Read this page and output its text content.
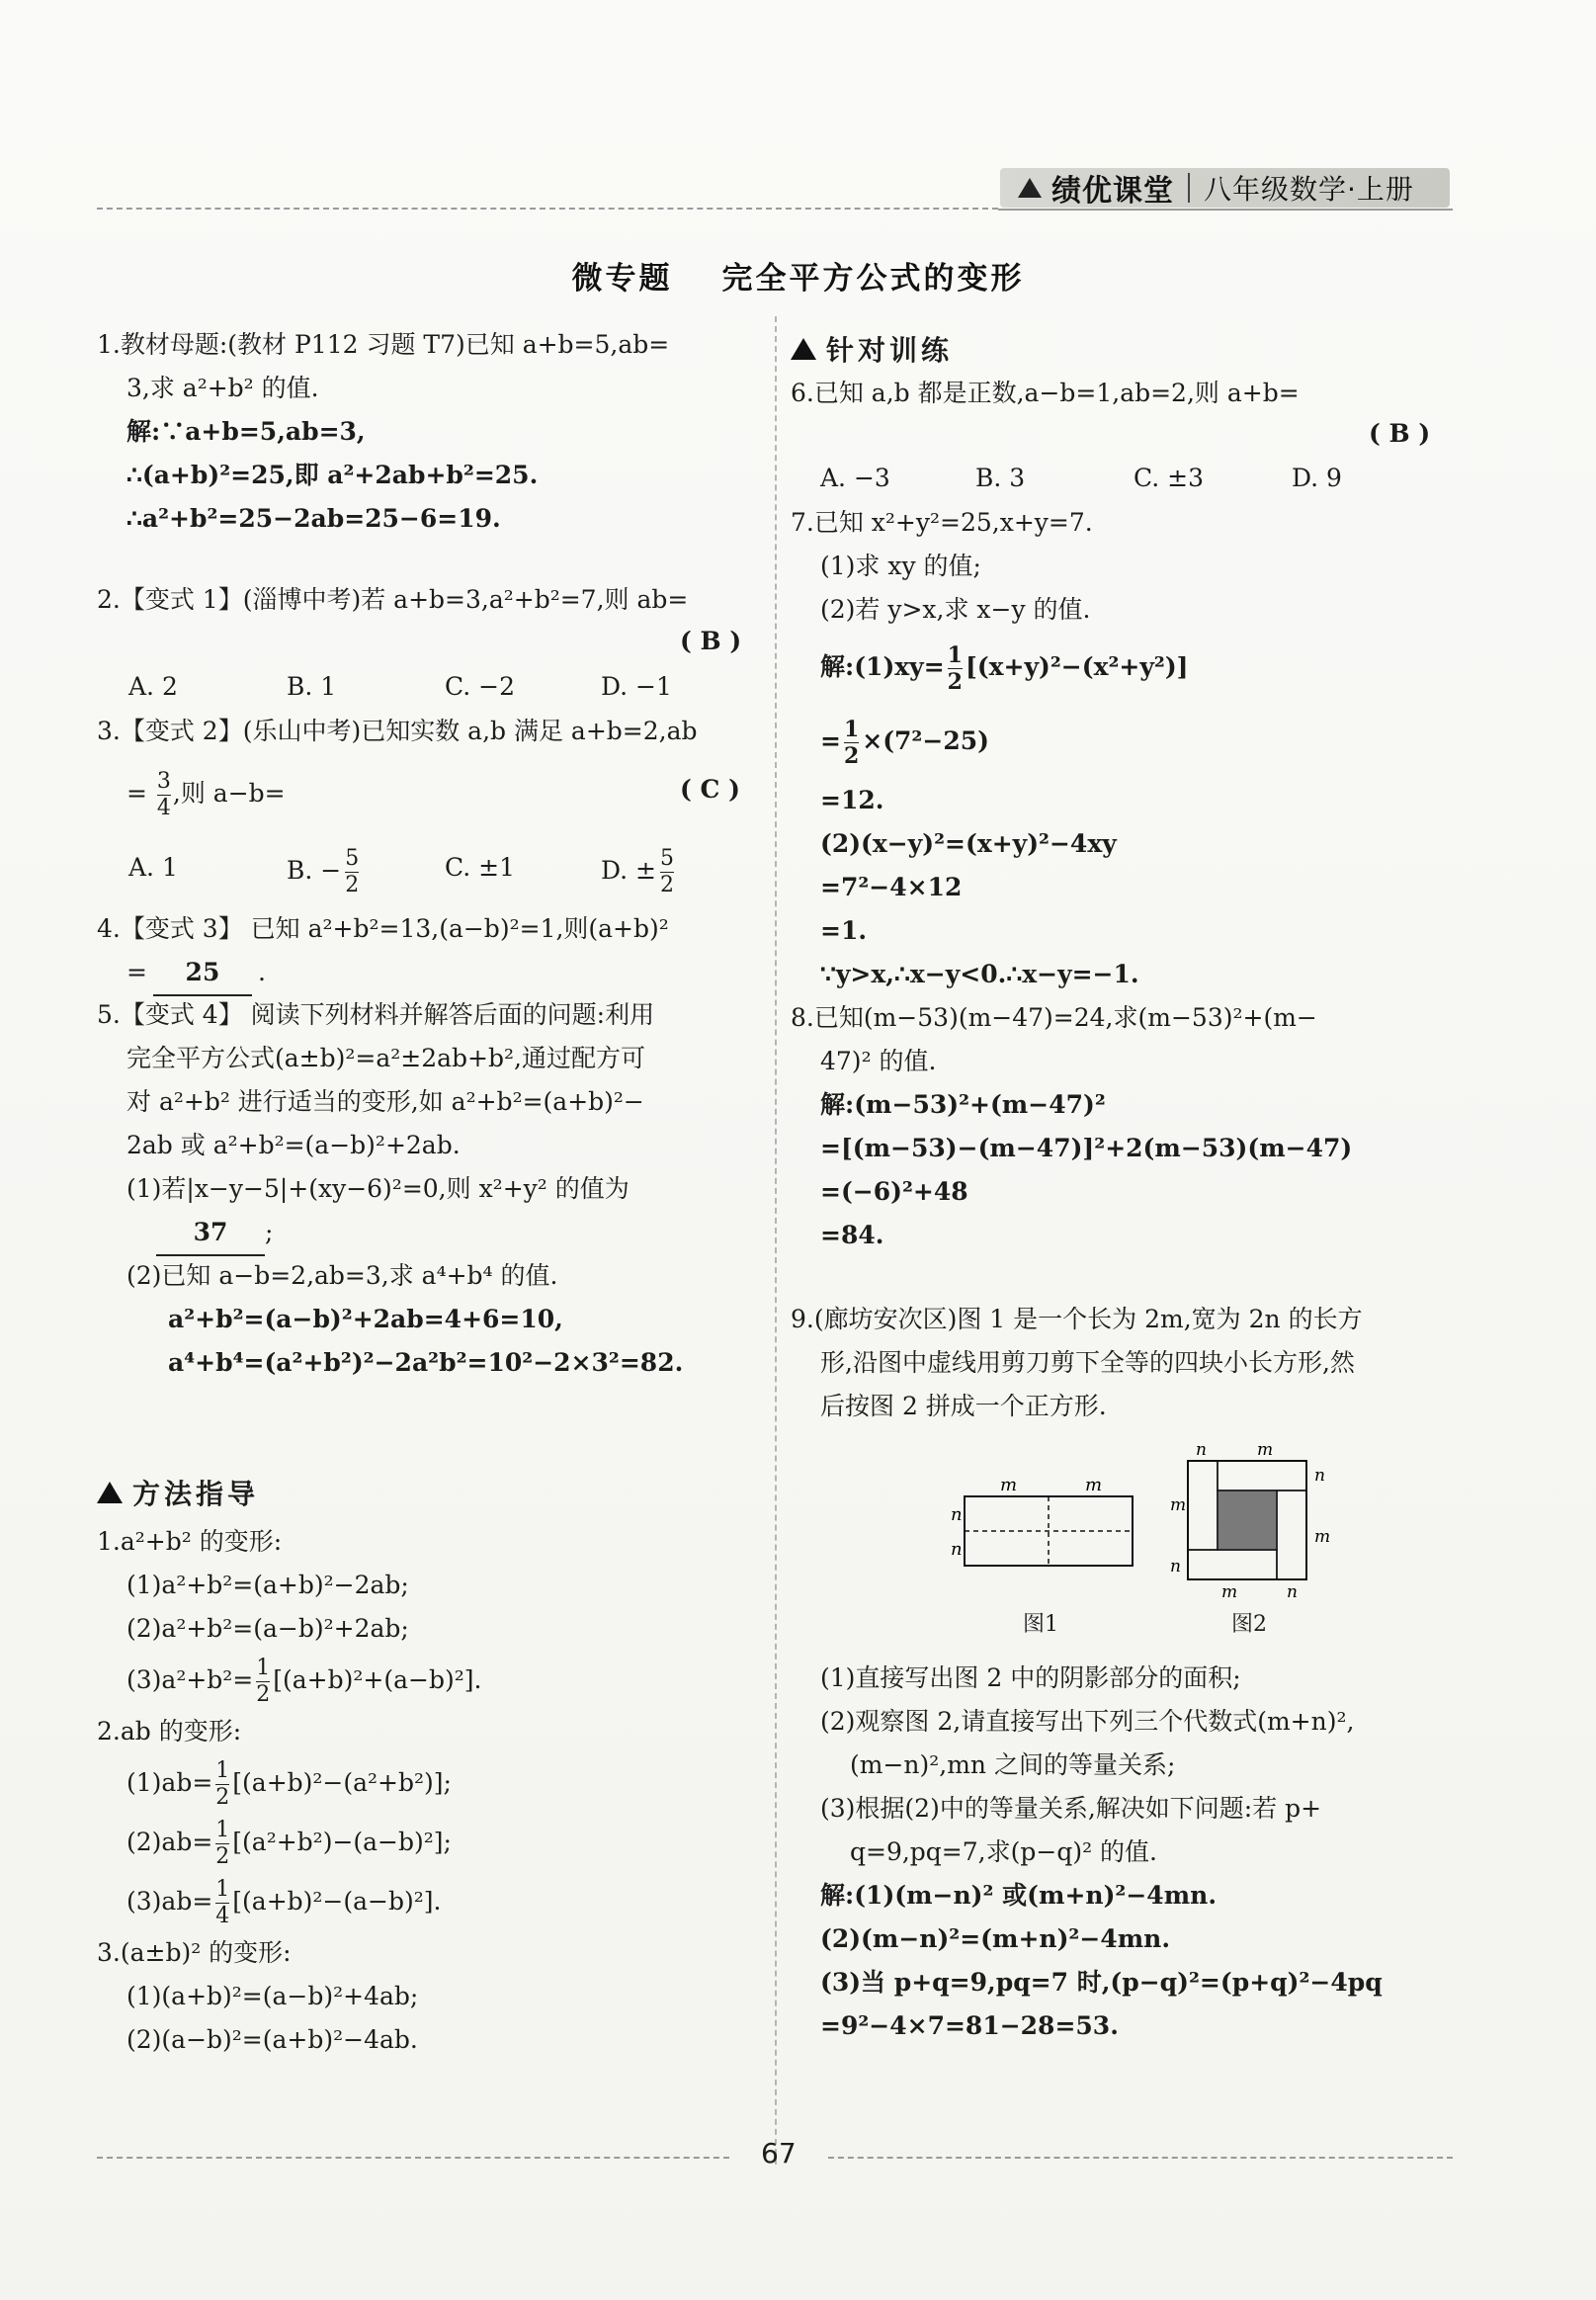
绩优课堂 八年级数学·上册
微专题 完全平方公式的变形
1.教材母题:(教材 P112 习题 T7)已知 a+b=5,ab=
3,求 a²+b² 的值.
解:∵a+b=5,ab=3,
∴(a+b)²=25,即 a²+2ab+b²=25.
∴a²+b²=25−2ab=25−6=19.
2.【变式 1】(淄博中考)若 a+b=3,a²+b²=7,则 ab=
( B )
A. 2	B. 1	C. −2	D. −1
3.【变式 2】(乐山中考)已知实数 a,b 满足 a+b=2,ab
= $\frac{3}{4}$ ,则 a−b=	( C )
A. 1	B. − $\frac{5}{2}$	C. ±1	D. ± $\frac{5}{2}$
4.【变式 3】 已知 a²+b²=13,(a−b)²=1,则(a+b)²
= 25 .
5.【变式 4】 阅读下列材料并解答后面的问题:利用
完全平方公式(a±b)²=a²±2ab+b²,通过配方可
对 a²+b² 进行适当的变形,如 a²+b²=(a+b)²−
2ab 或 a²+b²=(a−b)²+2ab.
(1)若|x−y−5|+(xy−6)²=0,则 x²+y² 的值为
37 ;
(2)已知 a−b=2,ab=3,求 a⁴+b⁴ 的值.
a²+b²=(a−b)²+2ab=4+6=10,
a⁴+b⁴=(a²+b²)²−2a²b²=10²−2×3²=82.
方法指导
1.a²+b² 的变形:
(1)a²+b²=(a+b)²−2ab;
(2)a²+b²=(a−b)²+2ab;
$(3)a^2+b^2= \frac{1}{2} [(a+b)^2+(a-b)^2]$.
2.ab 的变形:
$(1)ab= \frac{1}{2} [(a+b)^2-(a^2+b^2)]$;
$(2)ab= \frac{1}{2} [(a^2+b^2)-(a-b)^2]$;
$(3)ab= \frac{1}{4} [(a+b)^2-(a-b)^2]$.
3.(a±b)² 的变形:
(1)(a+b)²=(a−b)²+4ab;
(2)(a−b)²=(a+b)²−4ab.
针对训练
6.已知 a,b 都是正数,a−b=1,ab=2,则 a+b=
( B )
A. −3	B. 3	C. ±3	D. 9
7.已知 x²+y²=25,x+y=7.
(1)求 xy 的值;
(2)若 y>x,求 x−y 的值.
解:(1)xy= $\frac{1}{2} [(x+y)^2-(x^2+y^2)]$
= $\frac{1}{2} \times(7^2-25)$
=12.
(2)(x−y)²=(x+y)²−4xy
=7²−4×12
=1.
∵y>x,∴x−y<0.∴x−y=−1.
8.已知(m−53)(m−47)=24,求(m−53)²+(m−
47)² 的值.
解:(m−53)²+(m−47)²
=[(m−53)−(m−47)]²+2(m−53)(m−47)
=(−6)²+48
=84.
9.(廊坊安次区)图 1 是一个长为 2m,宽为 2n 的长方
形,沿图中虚线用剪刀剪下全等的四块小长方形,然
后按图 2 拼成一个正方形.
m	m
n
n
图1
n	m
n
m
m
n
m	n
图2
(1)直接写出图 2 中的阴影部分的面积;
(2)观察图 2,请直接写出下列三个代数式(m+n)²,
(m−n)²,mn 之间的等量关系;
(3)根据(2)中的等量关系,解决如下问题:若 p+
q=9,pq=7,求(p−q)² 的值.
解:(1)(m−n)² 或(m+n)²−4mn.
(2)(m−n)²=(m+n)²−4mn.
(3)当 p+q=9,pq=7 时,(p−q)²=(p+q)²−4pq
=9²−4×7=81−28=53.
67
